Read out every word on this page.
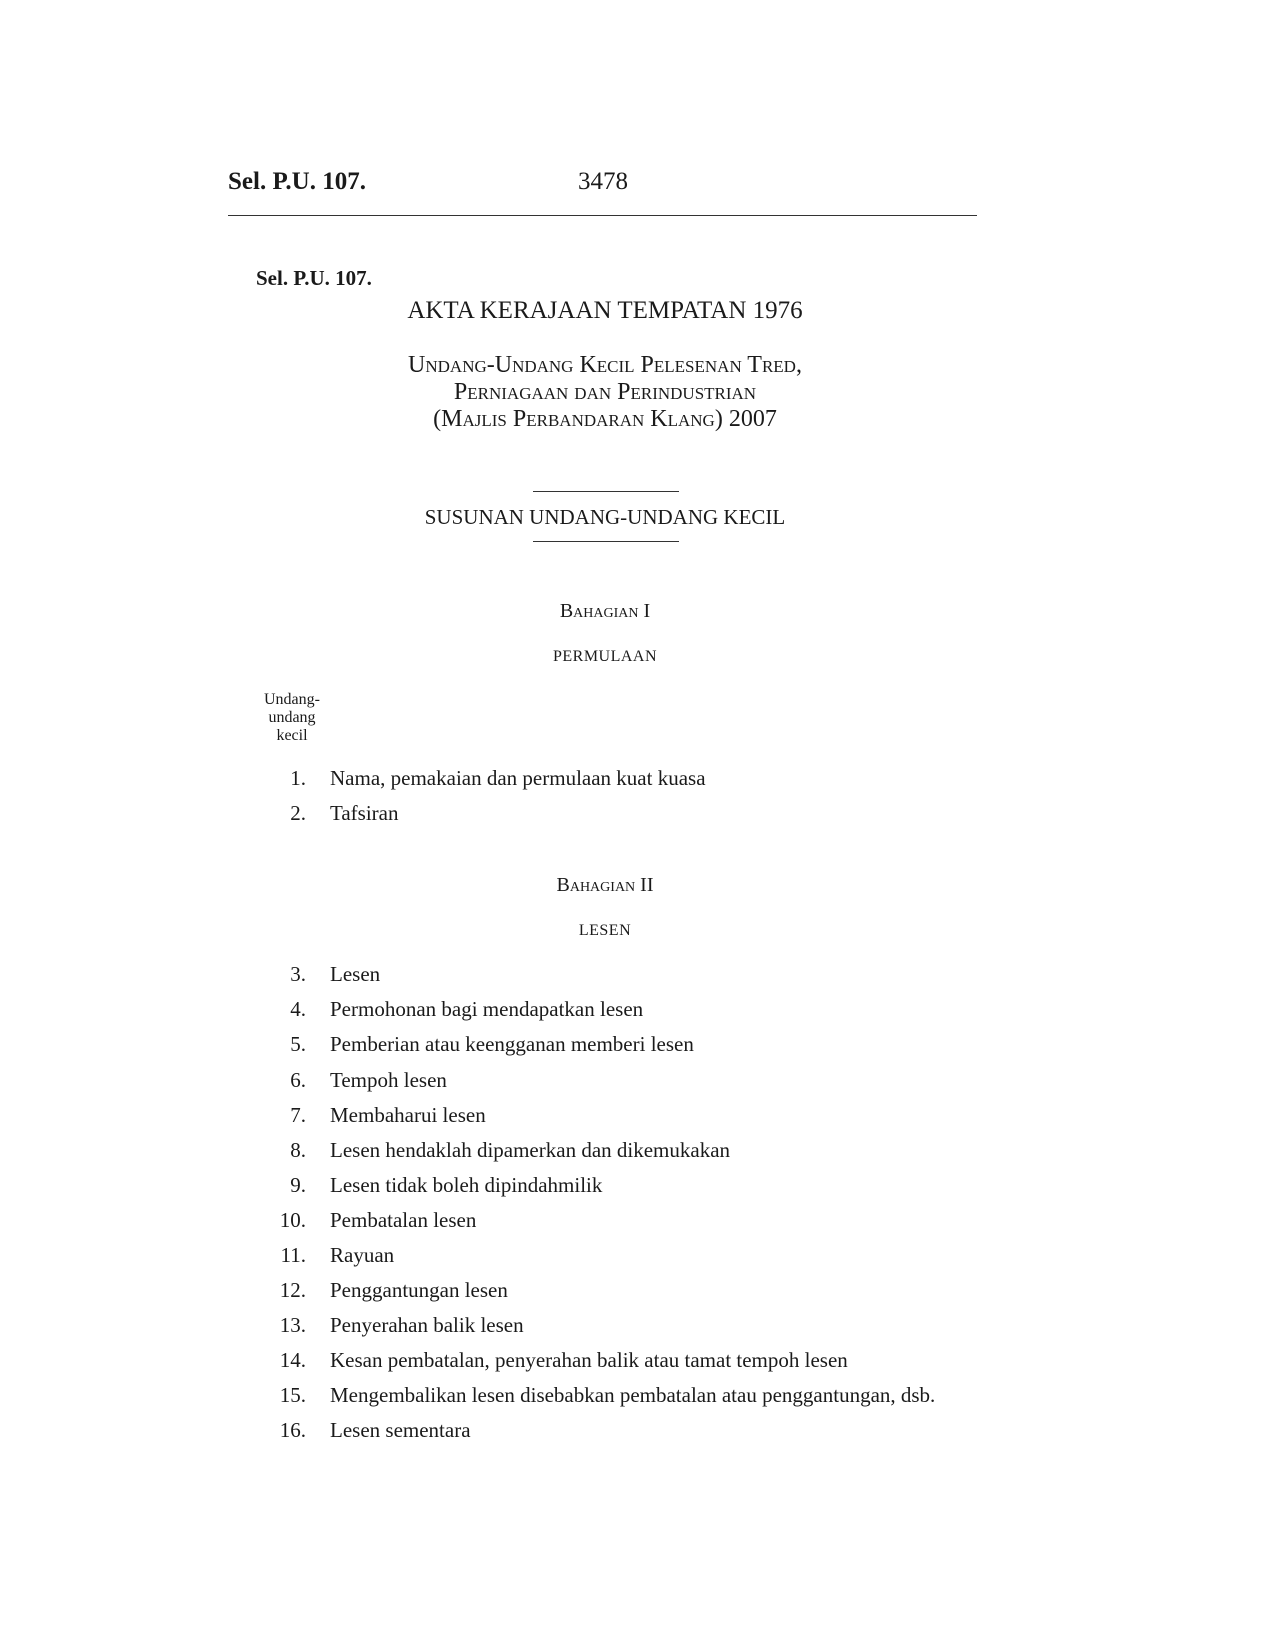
Sel. P.U. 107.	3478
Sel. P.U. 107.
AKTA KERAJAAN TEMPATAN 1976
Undang-Undang Kecil Pelesenan Tred,
Perniagaan dan Perindustrian
(Majlis Perbandaran Klang) 2007
SUSUNAN UNDANG-UNDANG KECIL
Bahagian I
PERMULAAN
Undang-
undang
kecil
1. Nama, pemakaian dan permulaan kuat kuasa
2. Tafsiran
Bahagian II
LESEN
3. Lesen
4. Permohonan bagi mendapatkan lesen
5. Pemberian atau keengganan memberi lesen
6. Tempoh lesen
7. Membaharui lesen
8. Lesen hendaklah dipamerkan dan dikemukakan
9. Lesen tidak boleh dipindahmilik
10. Pembatalan lesen
11. Rayuan
12. Penggantungan lesen
13. Penyerahan balik lesen
14. Kesan pembatalan, penyerahan balik atau tamat tempoh lesen
15. Mengembalikan lesen disebabkan pembatalan atau penggantungan, dsb.
16. Lesen sementara
